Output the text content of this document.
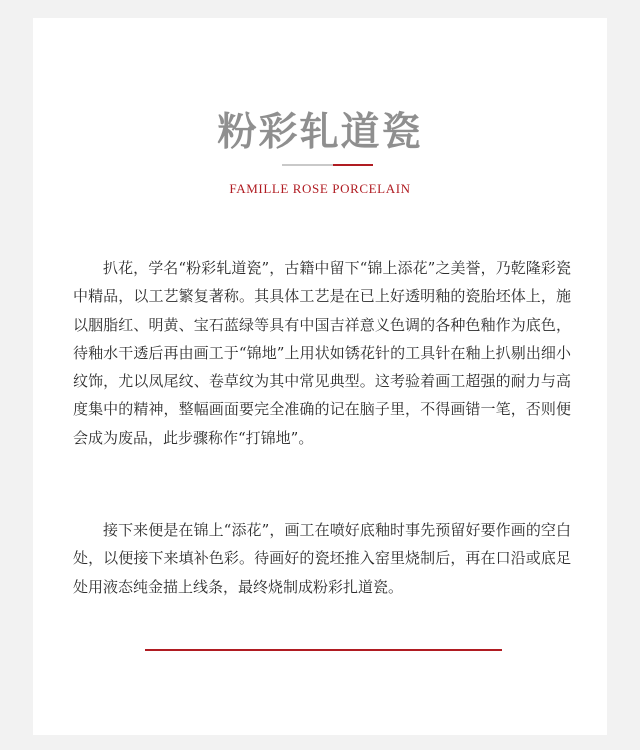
粉彩轧道瓷
FAMILLE ROSE PORCELAIN

扒花，学名“粉彩轧道瓷”，古籍中留下“锦上添花”之美誉，乃乾隆彩瓷中精品，以工艺繁复著称。其具体工艺是在已上好透明釉的瓷胎坯体上，施以胭脂红、明黄、宝石蓝绿等具有中国吉祥意义色调的各种色釉作为底色，待釉水干透后再由画工于“锦地”上用状如锈花针的工具针在釉上扒剔出细小纹饰，尤以凤尾纹、卷草纹为其中常见典型。这考验着画工超强的耐力与高度集中的精神，整幅画面要完全准确的记在脑子里，不得画错一笔，否则便会成为废品，此步骤称作“打锦地”。

接下来便是在锦上“添花”，画工在喷好底釉时事先预留好要作画的空白处，以便接下来填补色彩。待画好的瓷坯推入窑里烧制后，再在口沿或底足处用液态纯金描上线条，最终烧制成粉彩扎道瓷。
